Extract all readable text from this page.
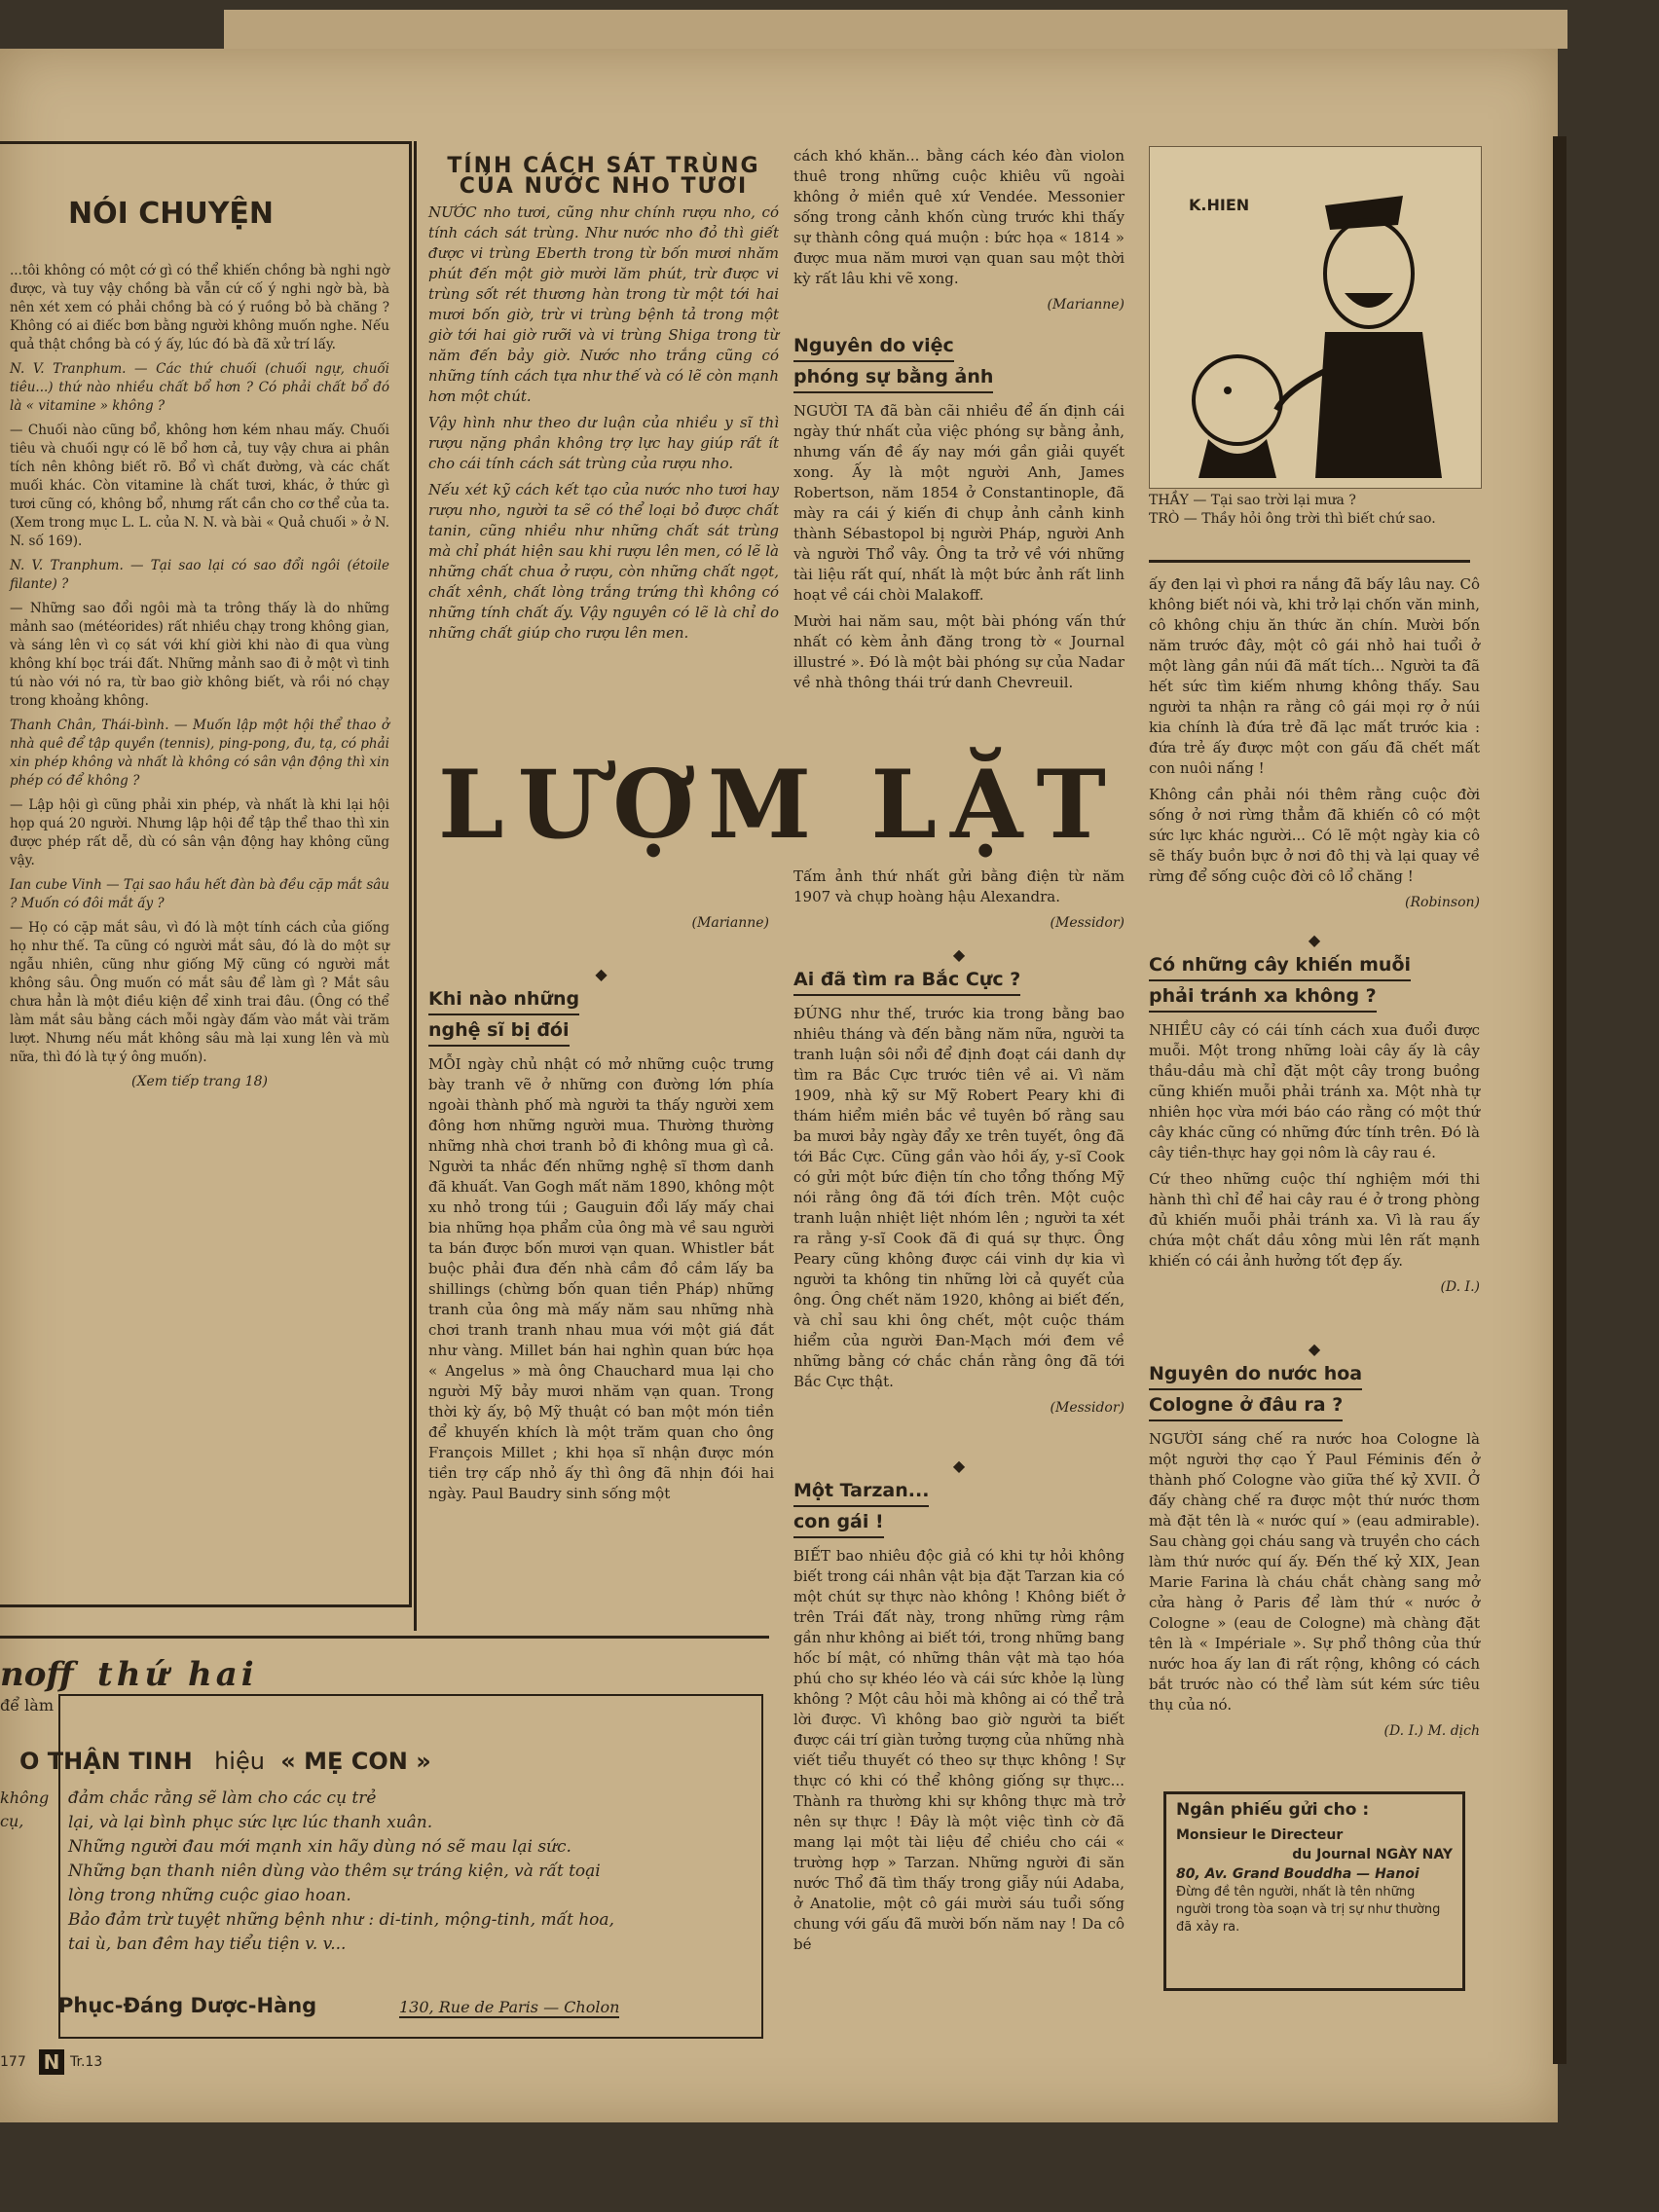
NÓI CHUYỆN

...tôi không có một cớ gì có thể khiến chồng bà nghi ngờ được, và tuy vậy chồng bà vẫn cứ cố ý nghi ngờ bà, bà nên xét xem có phải chồng bà có ý ruồng bỏ bà chăng ? Không có ai điếc bơn bằng người không muốn nghe. Nếu quả thật chồng bà có ý ấy, lúc đó bà đã xử trí lấy.

N. V. Tranphum. — Các thứ chuối (chuối ngự, chuối tiêu...) thứ nào nhiều chất bổ hơn ? Có phải chất bổ đó là « vitamine » không ?

— Chuối nào cũng bổ, không hơn kém nhau mấy. Chuối tiêu và chuối ngự có lẽ bổ hơn cả, tuy vậy chưa ai phân tích nên không biết rõ. Bổ vì chất đường, và các chất muối khác. Còn vitamine là chất tươi, khác, ở thức gì tươi cũng có, không bổ, nhưng rất cần cho cơ thể của ta. (Xem trong mục L. L. của N. N. và bài « Quả chuối » ở N. N. số 169).

N. V. Tranphum. — Tại sao lại có sao đổi ngôi (étoile filante) ?

— Những sao đổi ngôi mà ta trông thấy là do những mảnh sao (météorides) rất nhiều chạy trong không gian, và sáng lên vì cọ sát với khí giời khi nào đi qua vùng không khí bọc trái đất. Những mảnh sao đi ở một vì tinh tú nào với nó ra, từ bao giờ không biết, và rồi nó chạy trong khoảng không.

Thanh Chân, Thái-bình. — Muốn lập một hội thể thao ở nhà quê để tập quyền (tennis), ping-pong, đu, tạ, có phải xin phép không và nhất là không có sân vận động thì xin phép có để không ?

— Lập hội gì cũng phải xin phép, và nhất là khi lại hội họp quá 20 người. Nhưng lập hội để tập thể thao thì xin được phép rất dễ, dù có sân vận động hay không cũng vậy.

Ian cube Vinh — Tại sao hầu hết đàn bà đều cặp mắt sâu ? Muốn có đôi mắt ấy ?

— Họ có cặp mắt sâu, vì đó là một tính cách của giống họ như thế. Ta cũng có người mắt sâu, đó là do một sự ngẫu nhiên, cũng như giống Mỹ cũng có người mắt không sâu. Ông muốn có mắt sâu để làm gì ? Mắt sâu chưa hẳn là một điều kiện để xinh trai đâu. (Ông có thể làm mắt sâu bằng cách mỗi ngày đấm vào mắt vài trăm lượt. Nhưng nếu mắt không sâu mà lại xung lên và mù nữa, thì đó là tự ý ông muốn).

(Xem tiếp trang 18)

TÍNH CÁCH SÁT TRÙNG
CỦA NƯỚC NHO TƯƠI

NƯỚC nho tươi, cũng như chính rượu nho, có tính cách sát trùng. Như nước nho đỏ thì giết được vi trùng Eberth trong từ bốn mươi nhăm phút đến một giờ mười lăm phút, trừ được vi trùng sốt rét thương hàn trong từ một tới hai mươi bốn giờ, trừ vi trùng bệnh tả trong một giờ tới hai giờ rưỡi và vi trùng Shiga trong từ năm đến bảy giờ. Nước nho trắng cũng có những tính cách tựa như thế và có lẽ còn mạnh hơn một chút.

Vậy hình như theo dư luận của nhiều y sĩ thì rượu nặng phần không trợ lực hay giúp rất ít cho cái tính cách sát trùng của rượu nho.

Nếu xét kỹ cách kết tạo của nước nho tươi hay rượu nho, người ta sẽ có thể loại bỏ được chất tanin, cũng nhiều như những chất sát trùng mà chỉ phát hiện sau khi rượu lên men, có lẽ là những chất chua ở rượu, còn những chất ngọt, chất xênh, chất lòng trắng trứng thì không có những tính chất ấy. Vậy nguyên có lẽ là chỉ do những chất giúp cho rượu lên men.

(Marianne)

cách khó khăn... bằng cách kéo đàn violon thuê trong những cuộc khiêu vũ ngoài không ở miền quê xứ Vendée. Messonier sống trong cảnh khốn cùng trước khi thấy sự thành công quá muộn : bức họa « 1814 » được mua năm mươi vạn quan sau một thời kỳ rất lâu khi vẽ xong.

(Marianne)

Nguyên do việc
phóng sự bằng ảnh

NGƯỜI TA đã bàn cãi nhiều để ấn định cái ngày thứ nhất của việc phóng sự bằng ảnh, nhưng vấn đề ấy nay mới gần giải quyết xong. Ấy là một người Anh, James Robertson, năm 1854 ở Constantinople, đã mày ra cái ý kiến đi chụp ảnh cảnh kinh thành Sébastopol bị người Pháp, người Anh và người Thổ vây. Ông ta trở về với những tài liệu rất quí, nhất là một bức ảnh rất linh hoạt về cái chòi Malakoff.

Mười hai năm sau, một bài phóng vấn thứ nhất có kèm ảnh đăng trong tờ « Journal illustré ». Đó là một bài phóng sự của Nadar về nhà thông thái trứ danh Chevreuil.

Tấm ảnh thứ nhất gửi bằng điện từ năm 1907 và chụp hoàng hậu Alexandra.

(Messidor)

LƯỢM LẶT
K.HIEN
THẦY — Tại sao trời lại mưa ?
TRÒ — Thầy hỏi ông trời thì biết chứ sao.

ấy đen lại vì phơi ra nắng đã bấy lâu nay. Cô không biết nói và, khi trở lại chốn văn minh, cô không chịu ăn thức ăn chín. Mười bốn năm trước đây, một cô gái nhỏ hai tuổi ở một làng gần núi đã mất tích... Người ta đã hết sức tìm kiếm nhưng không thấy. Sau người ta nhận ra rằng cô gái mọi rợ ở núi kia chính là đứa trẻ đã lạc mất trước kia : đứa trẻ ấy được một con gấu đã chết mất con nuôi nấng !

Không cần phải nói thêm rằng cuộc đời sống ở nơi rừng thẳm đã khiến cô có một sức lực khác người... Có lẽ một ngày kia cô sẽ thấy buồn bực ở nơi đô thị và lại quay về rừng để sống cuộc đời cô lổ chăng !

(Robinson)

◆
Khi nào những
nghệ sĩ bị đói

MỖI ngày chủ nhật có mở những cuộc trưng bày tranh vẽ ở những con đường lớn phía ngoài thành phố mà người ta thấy người xem đông hơn những người mua. Thường thường những nhà chơi tranh bỏ đi không mua gì cả. Người ta nhắc đến những nghệ sĩ thơm danh đã khuất. Van Gogh mất năm 1890, không một xu nhỏ trong túi ; Gauguin đổi lấy mấy chai bia những họa phẩm của ông mà về sau người ta bán được bốn mươi vạn quan. Whistler bắt buộc phải đưa đến nhà cầm đồ cầm lấy ba shillings (chừng bốn quan tiền Pháp) những tranh của ông mà mấy năm sau những nhà chơi tranh tranh nhau mua với một giá đắt như vàng. Millet bán hai nghìn quan bức họa « Angelus » mà ông Chauchard mua lại cho người Mỹ bảy mươi nhăm vạn quan. Trong thời kỳ ấy, bộ Mỹ thuật có ban một món tiền để khuyến khích là một trăm quan cho ông François Millet ; khi họa sĩ nhận được món tiền trợ cấp nhỏ ấy thì ông đã nhịn đói hai ngày. Paul Baudry sinh sống một

◆
Ai đã tìm ra Bắc Cực ?

ĐÚNG như thế, trước kia trong bằng bao nhiêu tháng và đến bằng năm nữa, người ta tranh luận sôi nổi để định đoạt cái danh dự tìm ra Bắc Cực trước tiên về ai. Vì năm 1909, nhà kỹ sư Mỹ Robert Peary khi đi thám hiểm miền bắc về tuyên bố rằng sau ba mươi bảy ngày đẩy xe trên tuyết, ông đã tới Bắc Cực. Cũng gần vào hồi ấy, y-sĩ Cook có gửi một bức điện tín cho tổng thống Mỹ nói rằng ông đã tới đích trên. Một cuộc tranh luận nhiệt liệt nhóm lên ; người ta xét ra rằng y-sĩ Cook đã đi quá sự thực. Ông Peary cũng không được cái vinh dự kia vì người ta không tin những lời cả quyết của ông. Ông chết năm 1920, không ai biết đến, và chỉ sau khi ông chết, một cuộc thám hiểm của người Đan-Mạch mới đem về những bằng cớ chắc chắn rằng ông đã tới Bắc Cực thật.

(Messidor)

◆
Một Tarzan...
con gái !

BIẾT bao nhiêu độc giả có khi tự hỏi không biết trong cái nhân vật bịa đặt Tarzan kia có một chút sự thực nào không ! Không biết ở trên Trái đất này, trong những rừng rậm gần như không ai biết tới, trong những bang hốc bí mật, có những thân vật mà tạo hóa phú cho sự khéo léo và cái sức khỏe lạ lùng không ? Một câu hỏi mà không ai có thể trả lời được. Vì không bao giờ người ta biết được cái trí giàn tưởng tượng của những nhà viết tiểu thuyết có theo sự thực không ! Sự thực có khi có thể không giống sự thực... Thành ra thường khi sự không thực mà trở nên sự thực ! Đây là một việc tình cờ đã mang lại một tài liệu để chiều cho cái « trường hợp » Tarzan. Những người đi săn nước Thổ đã tìm thấy trong giẫy núi Adaba, ở Anatolie, một cô gái mười sáu tuổi sống chung với gấu đã mười bốn năm nay ! Da cô bé

◆
Có những cây khiến muỗi
phải tránh xa không ?

NHIỀU cây có cái tính cách xua đuổi được muỗi. Một trong những loài cây ấy là cây thầu-dầu mà chỉ đặt một cây trong buồng cũng khiến muỗi phải tránh xa. Một nhà tự nhiên học vừa mới báo cáo rằng có một thứ cây khác cũng có những đức tính trên. Đó là cây tiền-thực hay gọi nôm là cây rau é.

Cứ theo những cuộc thí nghiệm mới thi hành thì chỉ để hai cây rau é ở trong phòng đủ khiến muỗi phải tránh xa. Vì là rau ấy chứa một chất dầu xông mùi lên rất mạnh khiến có cái ảnh hưởng tốt đẹp ấy.

(D. I.)

◆
Nguyên do nước hoa
Cologne ở đâu ra ?

NGƯỜI sáng chế ra nước hoa Cologne là một người thợ cạo Ý Paul Féminis đến ở thành phố Cologne vào giữa thế kỷ XVII. Ở đấy chàng chế ra được một thứ nước thơm mà đặt tên là « nước quí » (eau admirable). Sau chàng gọi cháu sang và truyền cho cách làm thứ nước quí ấy. Đến thế kỷ XIX, Jean Marie Farina là cháu chắt chàng sang mở cửa hàng ở Paris để làm thứ « nước ở Cologne » (eau de Cologne) mà chàng đặt tên là « Impériale ». Sự phổ thông của thứ nước hoa ấy lan đi rất rộng, không có cách bắt trước nào có thể làm sút kém sức tiêu thụ của nó.

(D. I.) M. dịch

Ngân phiếu gửi cho :
Monsieur le Directeur
du Journal NGÀY NAY
80, Av. Grand Bouddha — Hanoi
Đừng đề tên người, nhất là tên những người trong tòa soạn và trị sự như thường đã xảy ra.
noff thứ hai
để làm
O THẬN TINH hiệu « MẸ CON »
không
cụ,
đảm chắc rằng sẽ làm cho các cụ trẻ
lại, và lại bình phục sức lực lúc thanh xuân.
Những người đau mới mạnh xin hãy dùng nó sẽ mau lại sức.
Những bạn thanh niên dùng vào thêm sự tráng kiện, và rất toại
lòng trong những cuộc giao hoan.
Bảo đảm trừ tuyệt những bệnh như : di-tinh, mộng-tinh, mất hoa,
tai ù, ban đêm hay tiểu tiện v. v...
Phục-Đáng Dược-Hàng	130, Rue de Paris — Cholon
177 N Tr.13
